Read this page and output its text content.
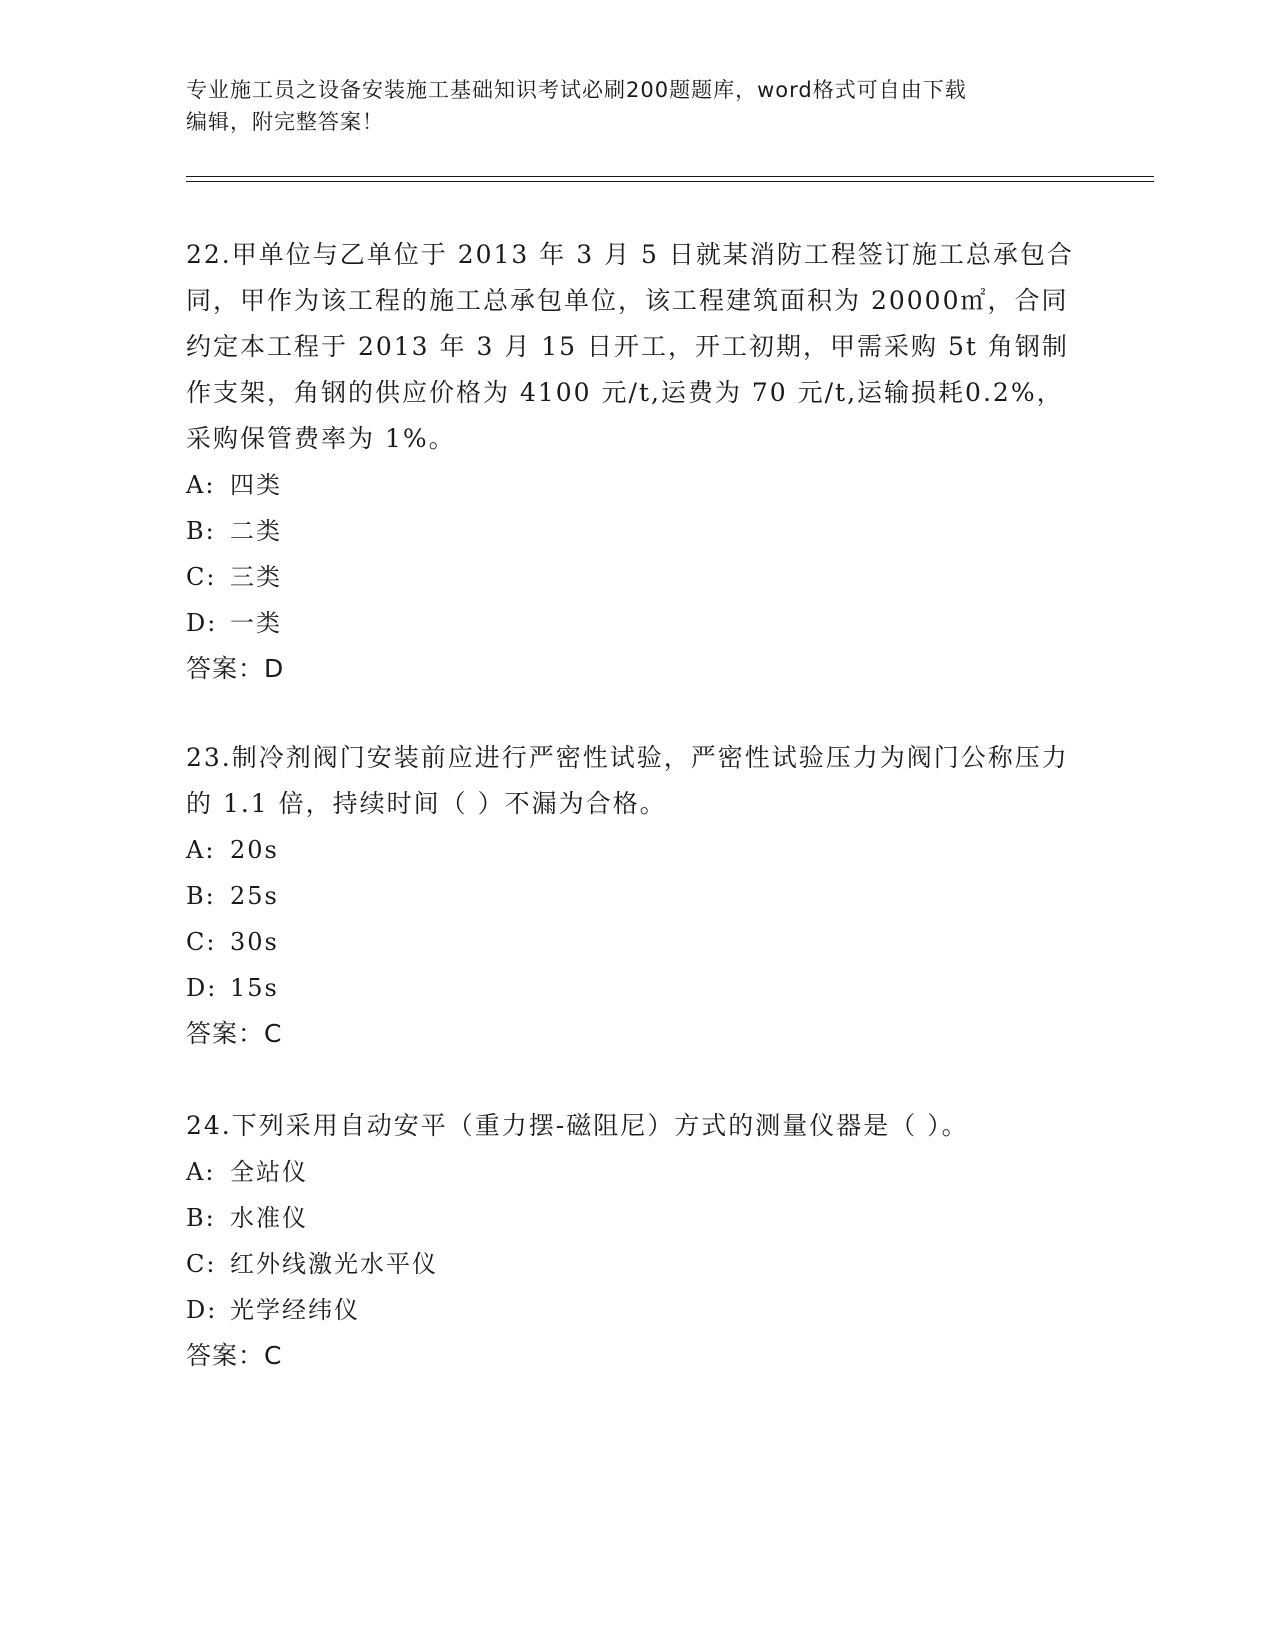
专业施工员之设备安装施工基础知识考试必刷200题题库，word格式可自由下载
编辑，附完整答案！

22.甲单位与乙单位于 2013 年 3 月 5 日就某消防工程签订施工总承包合同，甲作为该工程的施工总承包单位，该工程建筑面积为 20000㎡，合同约定本工程于 2013 年 3 月 15 日开工，开工初期，甲需采购 5t 角钢制作支架，角钢的供应价格为 4100 元/t,运费为 70 元/t,运输损耗0.2%，采购保管费率为 1%。

A: 四类

B: 二类

C: 三类

D: 一类

答案：D

23.制冷剂阀门安装前应进行严密性试验，严密性试验压力为阀门公称压力的 1.1 倍，持续时间（ ）不漏为合格。

A: 20s

B: 25s

C: 30s

D: 15s

答案：C

24.下列采用自动安平（重力摆-磁阻尼）方式的测量仪器是（ ）。

A: 全站仪

B: 水准仪

C: 红外线激光水平仪

D: 光学经纬仪

答案：C
